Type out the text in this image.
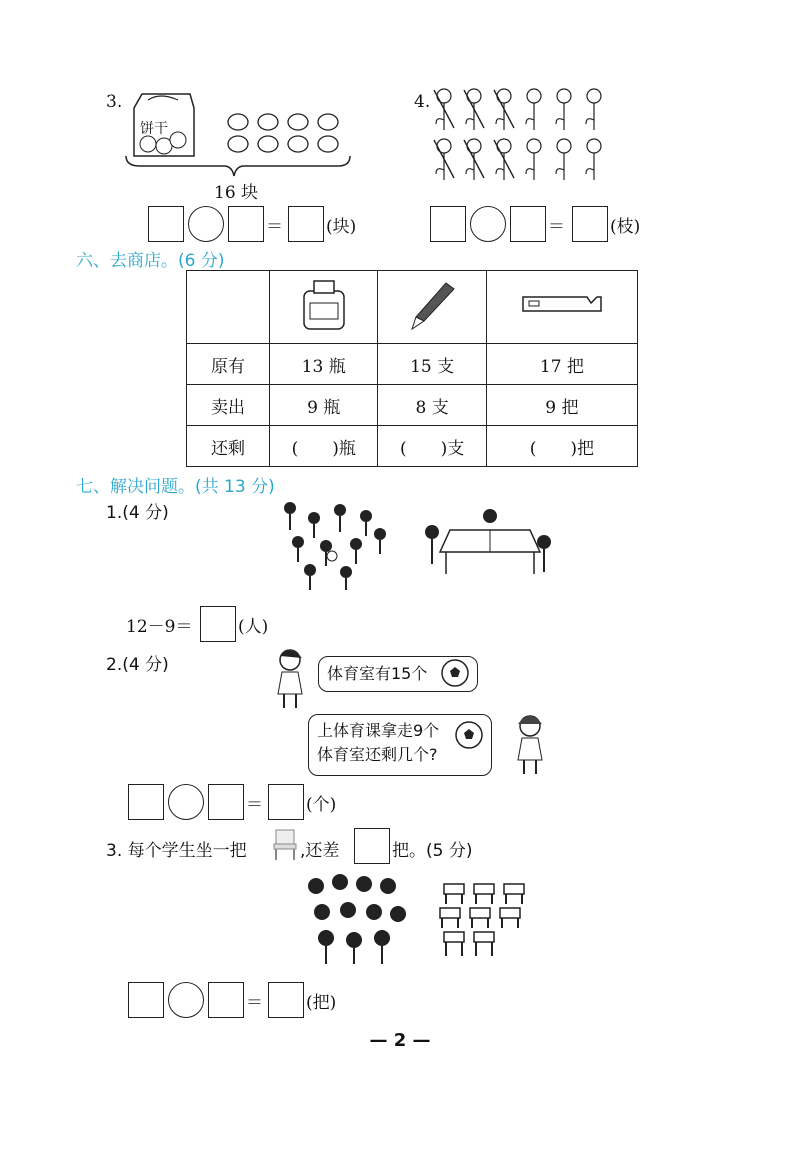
3.
饼干
16 块
＝	(块)
4.
＝	(枝)
六、去商店。(6 分)

原有	13 瓶	15 支	17 把
卖出	9 瓶	8 支	9 把
还剩	(　　)瓶	(　　)支	(　　)把
七、解决问题。(共 13 分)
1.(4 分)
12－9＝	(人)
2.(4 分)	体育室有15个
上体育课拿走9个
体育室还剩几个?
＝	(个)
3. 每个学生坐一把	,还差	把。(5 分)
＝	(把)
— 2 —
